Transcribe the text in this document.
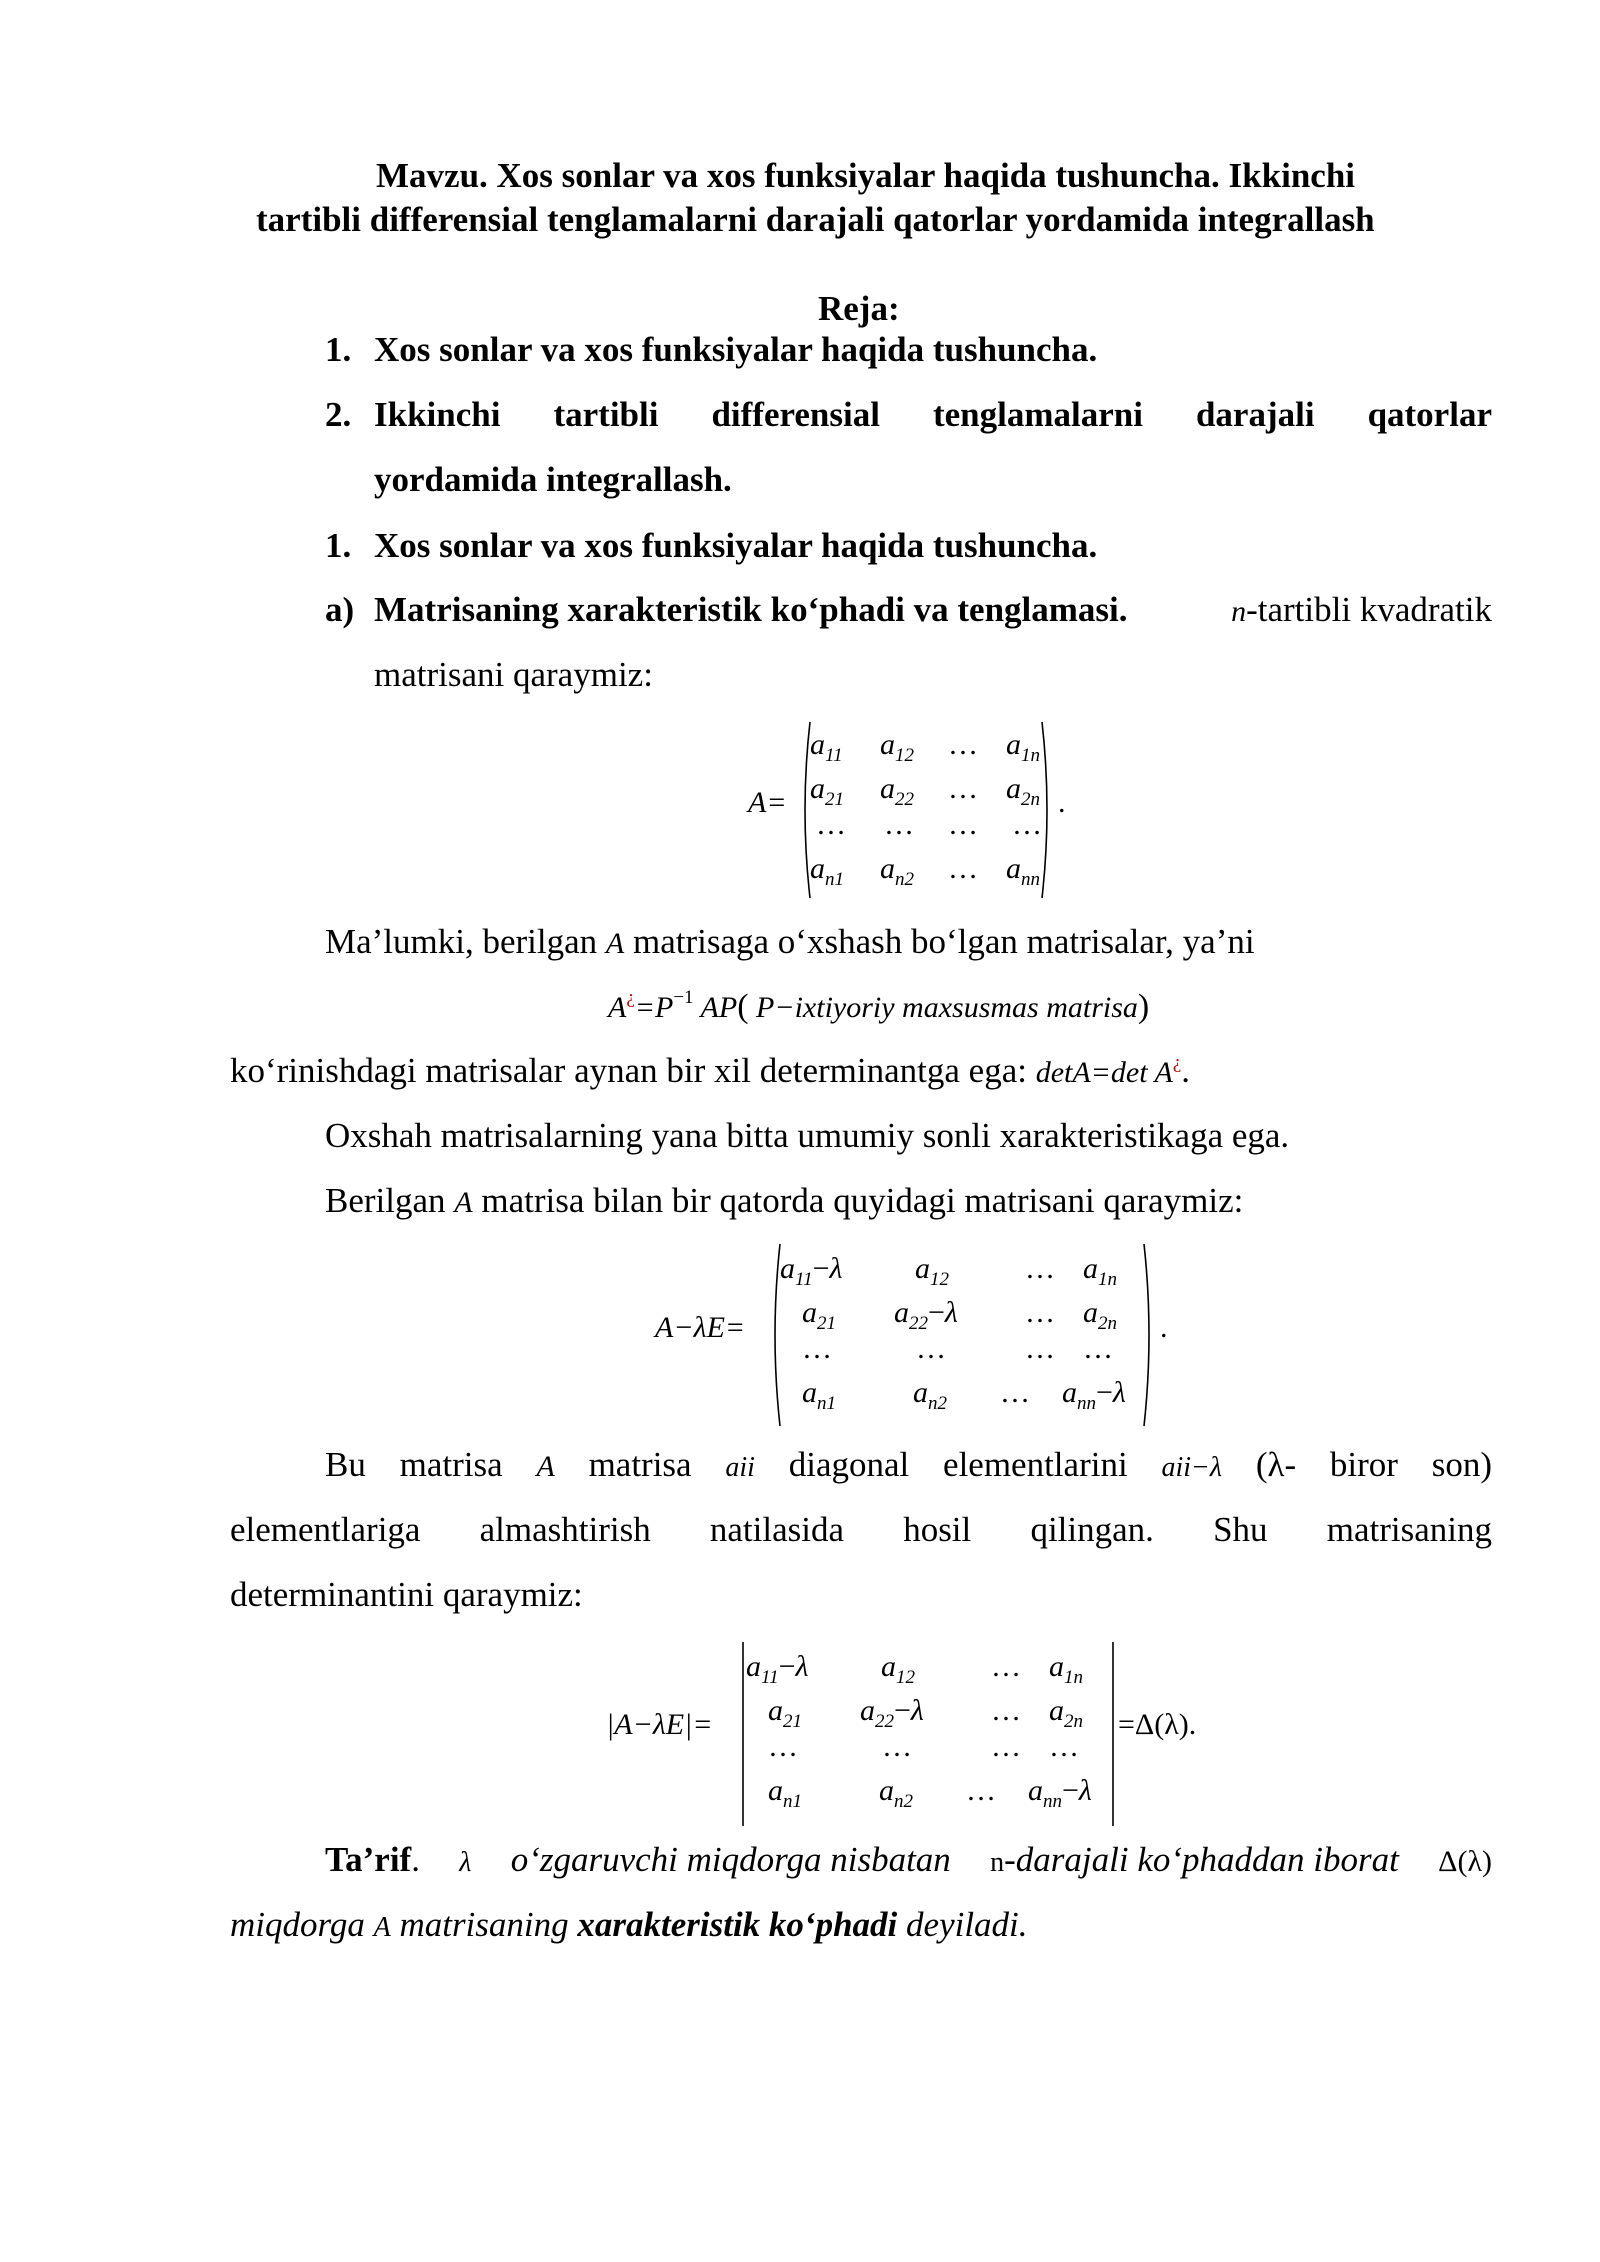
Mavzu. Xos sonlar va xos funksiyalar haqida tushuncha. Ikkinchi
tartibli differensial tenglamalarni darajali qatorlar yordamida integrallash
Reja:
1. Xos sonlar va xos funksiyalar haqida tushuncha.
2. Ikkinchi tartibli differensial tenglamalarni darajali qatorlar
yordamida integrallash.
1. Xos sonlar va xos funksiyalar haqida tushuncha.
a) Matrisaning xarakteristik ko‘phadi va tenglamasi.	n-tartibli kvadratik
matrisani qaraymiz:
A=
$a_{11}$ $a_{12}$ … $a_{1n}$
$a_{21}$ $a_{22}$ … $a_{2n}$
… … … …
$a_{n1}$ $a_{n2}$ … $a_{nn}$
.
Ma’lumki, berilgan A matrisaga o‘xshash bo‘lgan matrisalar, ya’ni
$A^¿=P^{-1}$ AP( P−ixtiyoriy maxsusmas matrisa)
ko‘rinishdagi matrisalar aynan bir xil determinantga ega: detA=det A¿.
Oxshah matrisalarning yana bitta umumiy sonli xarakteristikaga ega.
Berilgan A matrisa bilan bir qatorda quyidagi matrisani qaraymiz:
A−λE=
$a_{11}-\lambda$ $a_{12}$	… $a_{1n}$
$a_{21}$ $a_{22}-\lambda$ … $a_{2n}$
…	…	… …
$a_{n1}$	$a_{n2}$ … $a_{nn}-\lambda$
.
Bu matrisa A matrisa aii diagonal elementlarini aii−λ (λ- biror son)
elementlariga almashtirish natilasida hosil qilingan. Shu matrisaning
determinantini qaraymiz:
|A−λE|=
$a_{11}-\lambda$ $a_{12}$	… $a_{1n}$
$a_{21}$ $a_{22}-\lambda$ … $a_{2n}$
…	…	… …
$a_{n1}$	$a_{n2}$ … $a_{nn}-\lambda$
=Δ(λ).
Ta’rif. λ o‘zgaruvchi miqdorga nisbatan n-darajali ko‘phaddan iborat Δ(λ)
miqdorga A matrisaning xarakteristik ko‘phadi deyiladi.
